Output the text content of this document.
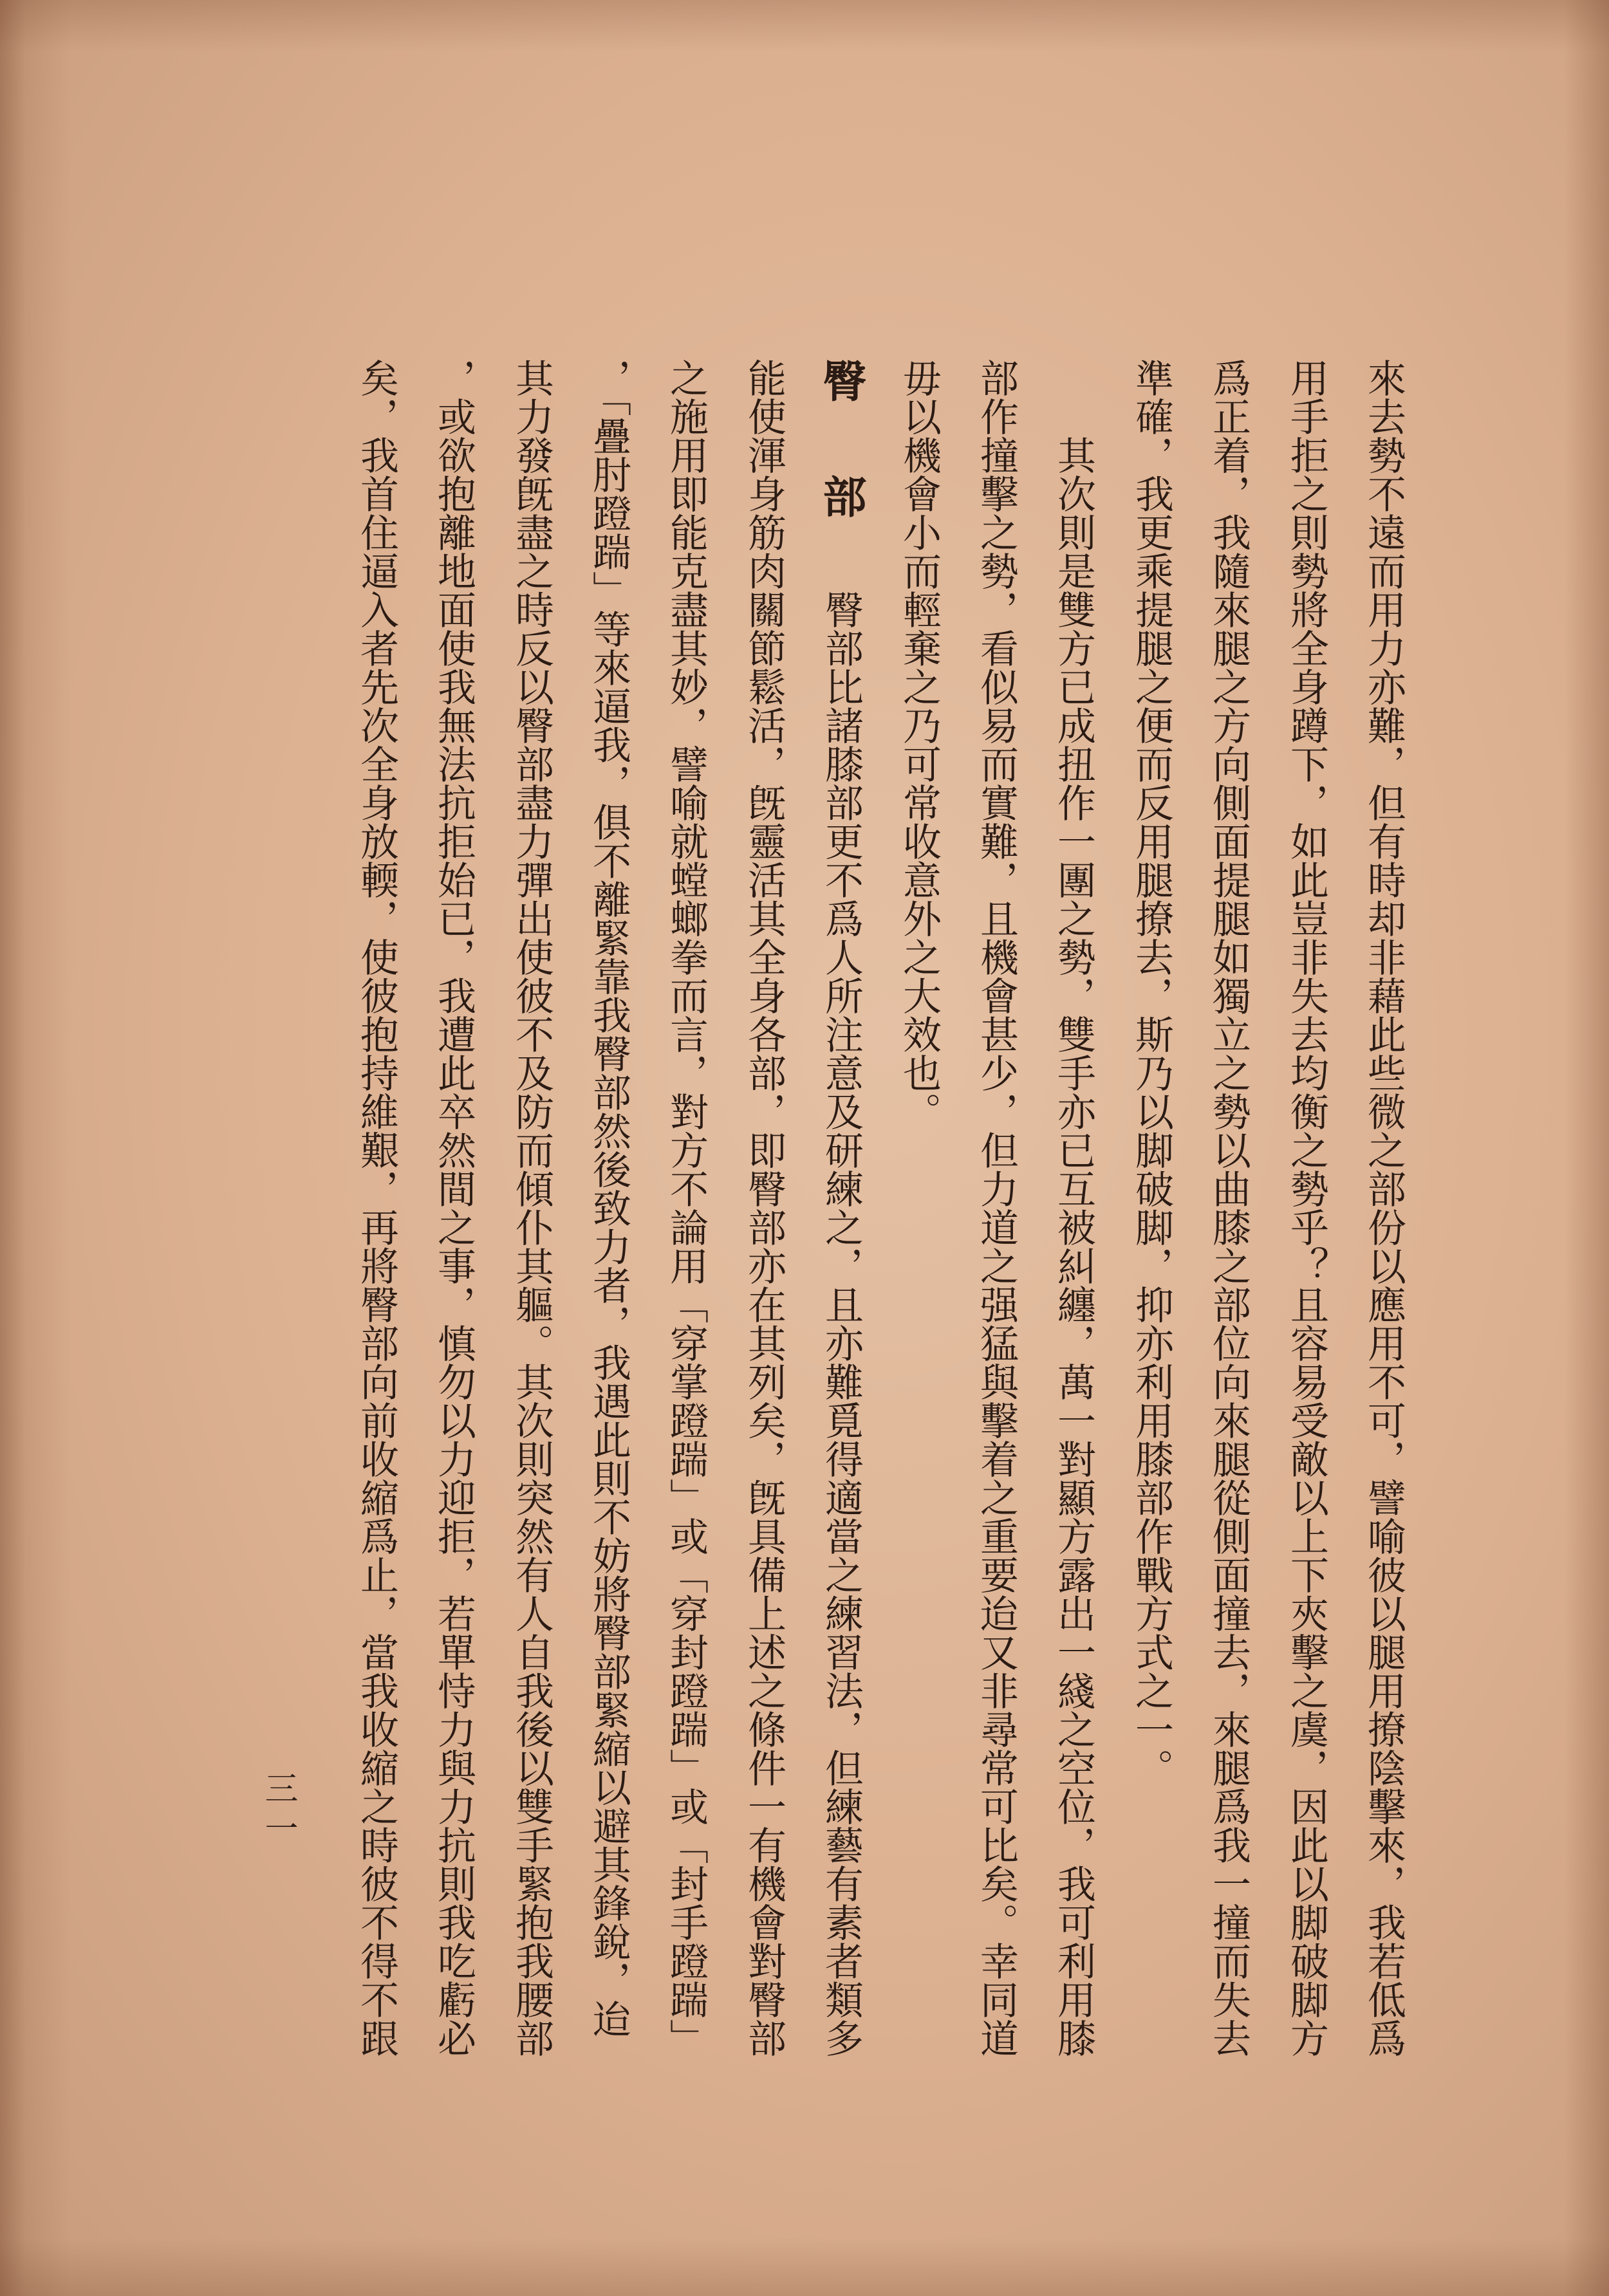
來去勢不遠而用力亦難，但有時却非藉此些微之部份以應用不可，譬喻彼以腿用撩陰擊來，我若低爲
用手拒之則勢將全身蹲下，如此豈非失去均衡之勢乎？且容易受敵以上下夾擊之虞，因此以脚破脚方
爲正着，我隨來腿之方向側面提腿如獨立之勢以曲膝之部位向來腿從側面撞去，來腿爲我一撞而失去
準確，我更乘提腿之便而反用腿撩去，斯乃以脚破脚，抑亦利用膝部作戰方式之一。
其次則是雙方已成扭作一團之勢，雙手亦已互被糾纏，萬一對顯方露出一綫之空位，我可利用膝
部作撞擊之勢，看似易而實難，且機會甚少，但力道之强猛與擊着之重要迨又非尋常可比矣。幸同道
毋以機會小而輕棄之乃可常收意外之大效也。
臀部
臀部比諸膝部更不爲人所注意及研練之，且亦難覓得適當之練習法，但練藝有素者類多
能使渾身筋肉關節鬆活，旣靈活其全身各部，即臀部亦在其列矣，旣具備上述之條件一有機會對臀部
之施用即能克盡其妙，譬喻就螳螂拳而言，對方不論用「穿掌蹬踹」或「穿封蹬踹」或「封手蹬踹」
，「疊肘蹬踹」等來逼我，俱不離緊靠我臀部然後致力者，我遇此則不妨將臀部緊縮以避其鋒銳，迨
其力發旣盡之時反以臀部盡力彈出使彼不及防而傾仆其軀。其次則突然有人自我後以雙手緊抱我腰部
，或欲抱離地面使我無法抗拒始已，我遭此卒然間之事，慎勿以力迎拒，若單恃力與力抗則我吃虧必
矣，我首住逼入者先次全身放輭，使彼抱持維艱，再將臀部向前收縮爲止，當我收縮之時彼不得不跟
三一
